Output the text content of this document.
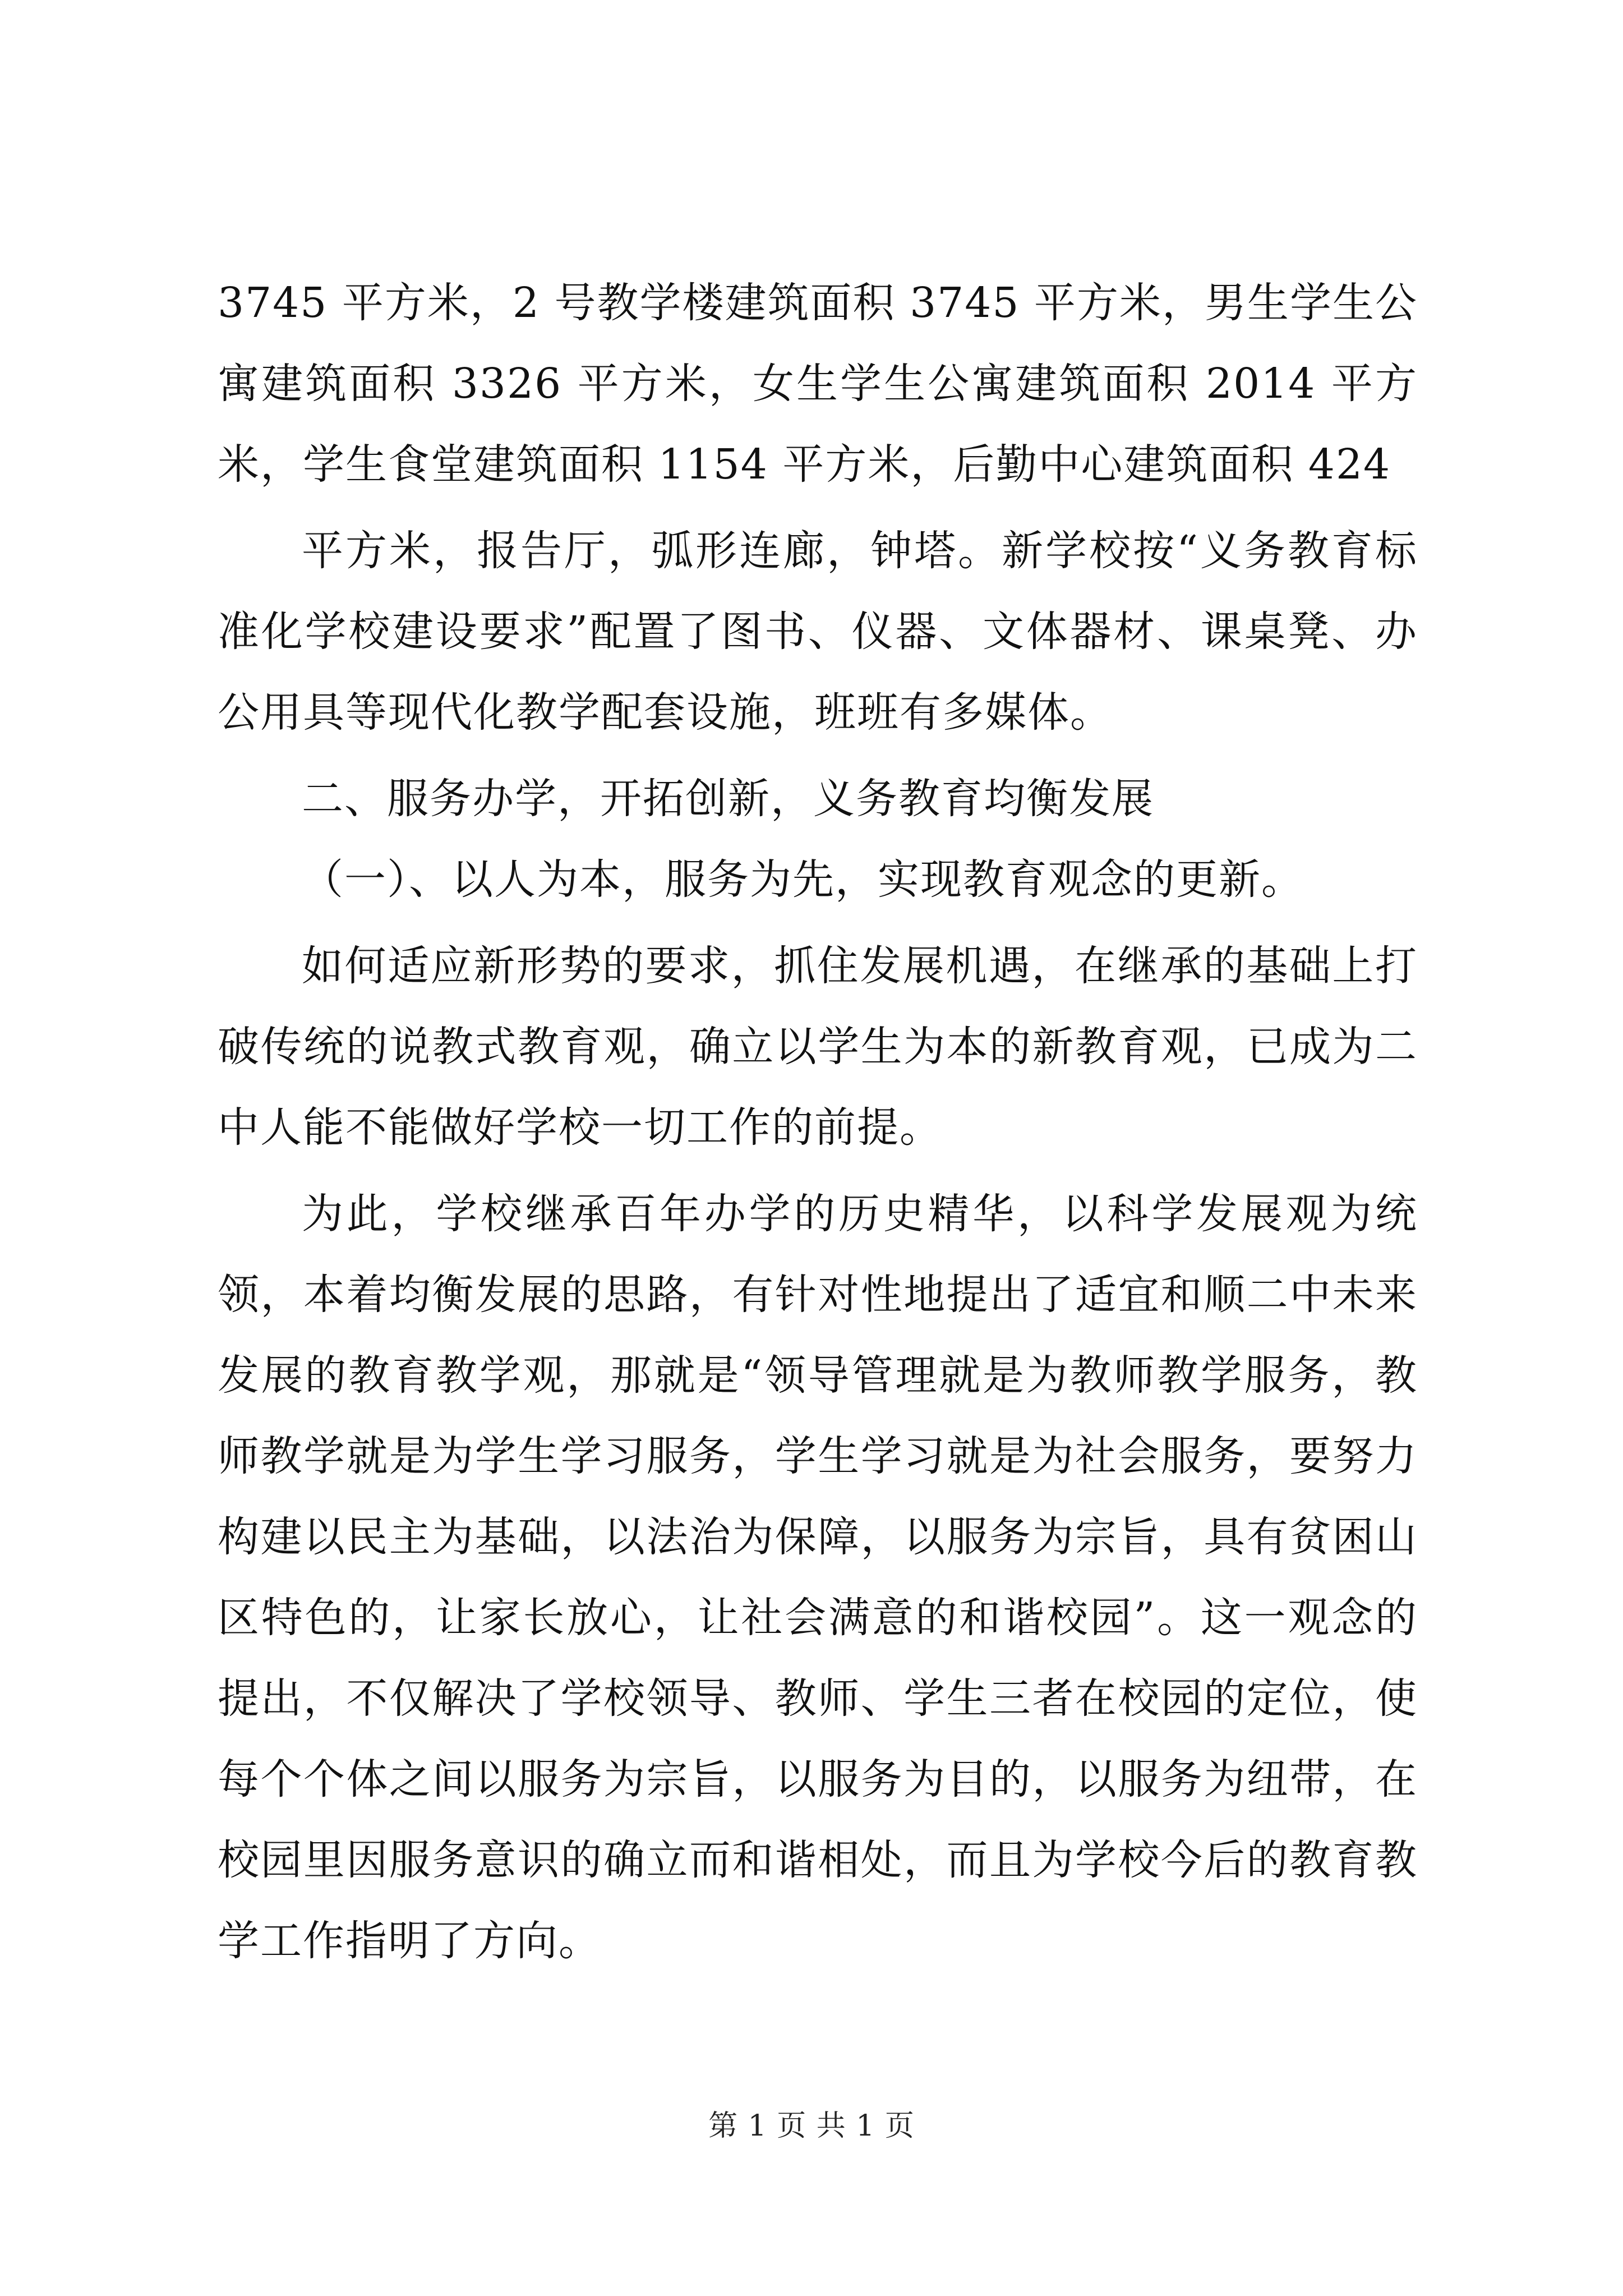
3745 平方米，2 号教学楼建筑面积 3745 平方米，男生学生公寓建筑面积 3326 平方米，女生学生公寓建筑面积 2014 平方米，学生食堂建筑面积 1154 平方米，后勤中心建筑面积 424

平方米，报告厅，弧形连廊，钟塔。新学校按“义务教育标准化学校建设要求”配置了图书、仪器、文体器材、课桌凳、办公用具等现代化教学配套设施，班班有多媒体。

二、服务办学，开拓创新，义务教育均衡发展

（一）、以人为本，服务为先，实现教育观念的更新。

如何适应新形势的要求，抓住发展机遇，在继承的基础上打破传统的说教式教育观，确立以学生为本的新教育观，已成为二中人能不能做好学校一切工作的前提。

为此，学校继承百年办学的历史精华，以科学发展观为统领，本着均衡发展的思路，有针对性地提出了适宜和顺二中未来发展的教育教学观，那就是“领导管理就是为教师教学服务，教师教学就是为学生学习服务，学生学习就是为社会服务，要努力构建以民主为基础，以法治为保障，以服务为宗旨，具有贫困山区特色的，让家长放心，让社会满意的和谐校园”。这一观念的提出，不仅解决了学校领导、教师、学生三者在校园的定位，使每个个体之间以服务为宗旨，以服务为目的，以服务为纽带，在校园里因服务意识的确立而和谐相处，而且为学校今后的教育教学工作指明了方向。

第 1 页 共 1 页
